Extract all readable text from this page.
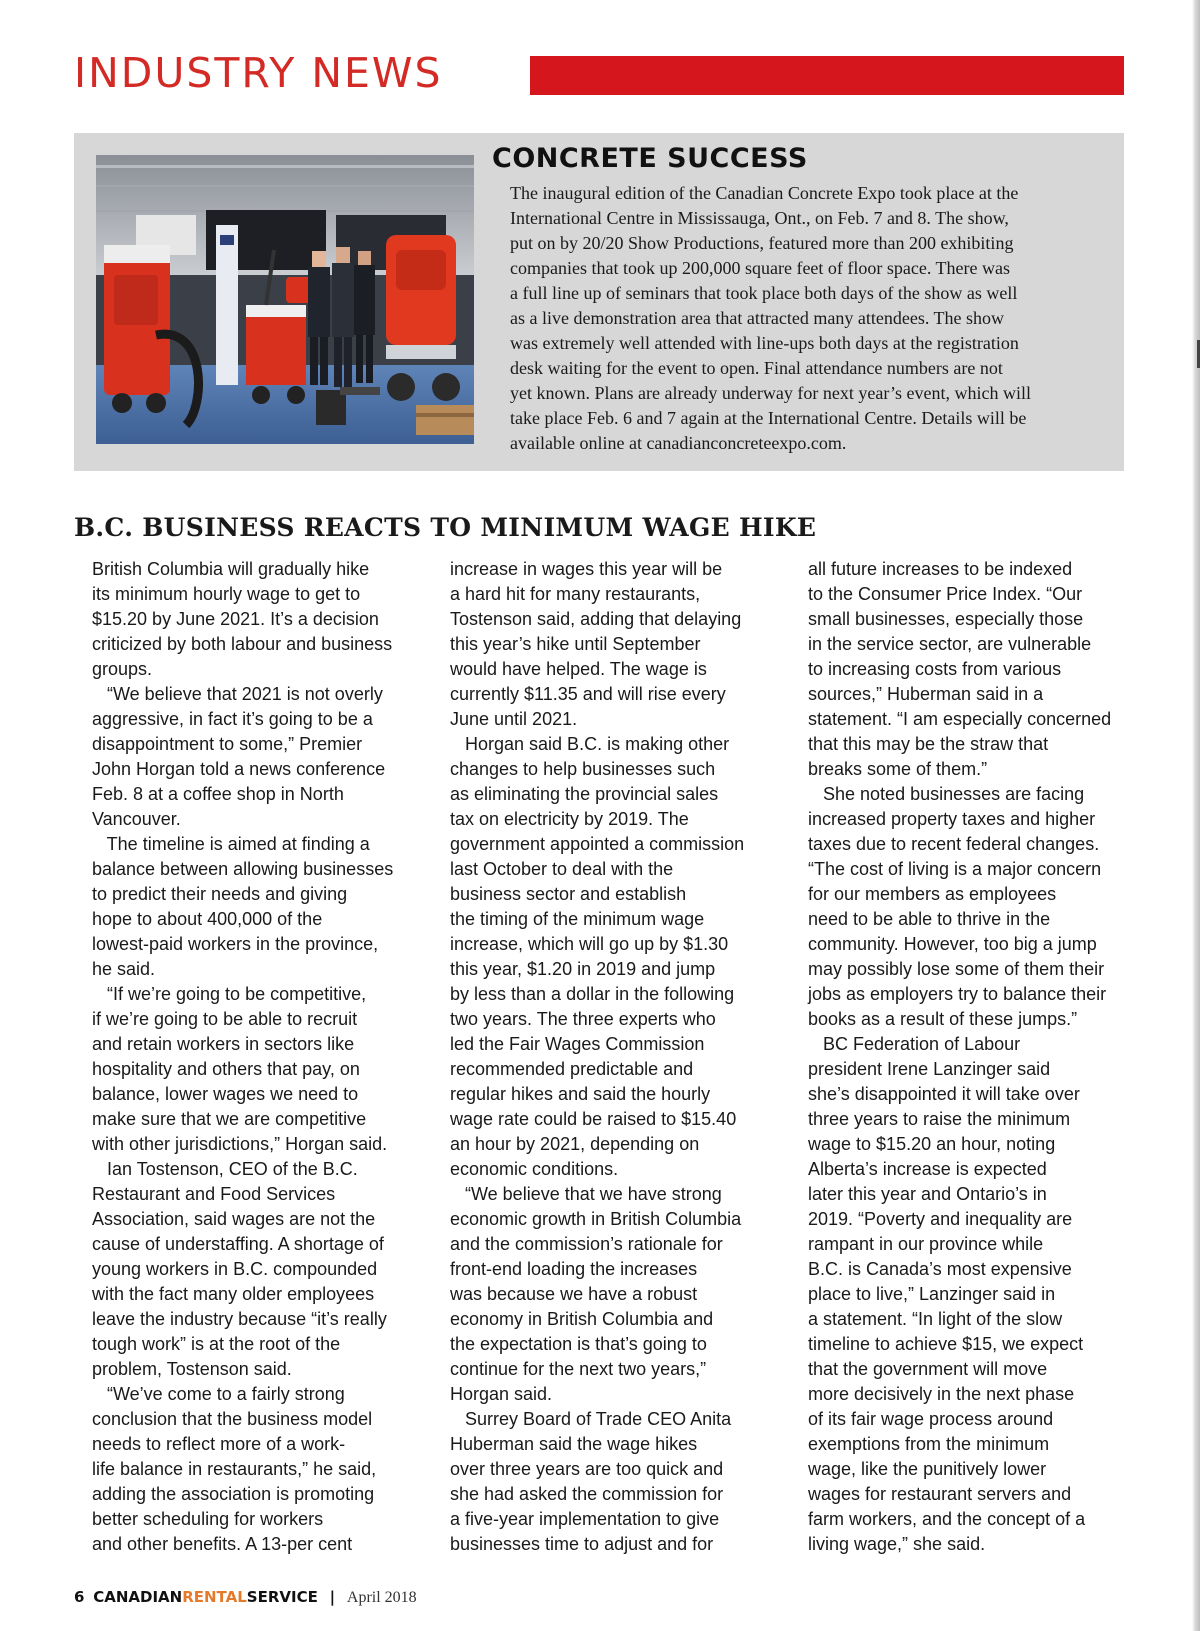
INDUSTRY NEWS
CONCRETE SUCCESS

The inaugural edition of the Canadian Concrete Expo took place at the
International Centre in Mississauga, Ont., on Feb. 7 and 8. The show,
put on by 20/20 Show Productions, featured more than 200 exhibiting
companies that took up 200,000 square feet of floor space. There was
a full line up of seminars that took place both days of the show as well
as a live demonstration area that attracted many attendees. The show
was extremely well attended with line-ups both days at the registration
desk waiting for the event to open. Final attendance numbers are not
yet known. Plans are already underway for next year’s event, which will
take place Feb. 6 and 7 again at the International Centre. Details will be
available online at canadianconcreteexpo.com.

B.C. BUSINESS REACTS TO MINIMUM WAGE HIKE
British Columbia will gradually hike
its minimum hourly wage to get to
$15.20 by June 2021. It’s a decision
criticized by both labour and business
groups.
“We believe that 2021 is not overly
aggressive, in fact it’s going to be a
disappointment to some,” Premier
John Horgan told a news conference
Feb. 8 at a coffee shop in North
Vancouver.
The timeline is aimed at finding a
balance between allowing businesses
to predict their needs and giving
hope to about 400,000 of the
lowest-paid workers in the province,
he said.
“If we’re going to be competitive,
if we’re going to be able to recruit
and retain workers in sectors like
hospitality and others that pay, on
balance, lower wages we need to
make sure that we are competitive
with other jurisdictions,” Horgan said.
Ian Tostenson, CEO of the B.C.
Restaurant and Food Services
Association, said wages are not the
cause of understaffing. A shortage of
young workers in B.C. compounded
with the fact many older employees
leave the industry because “it’s really
tough work” is at the root of the
problem, Tostenson said.
“We’ve come to a fairly strong
conclusion that the business model
needs to reflect more of a work-
life balance in restaurants,” he said,
adding the association is promoting
better scheduling for workers
and other benefits. A 13-per cent
increase in wages this year will be
a hard hit for many restaurants,
Tostenson said, adding that delaying
this year’s hike until September
would have helped. The wage is
currently $11.35 and will rise every
June until 2021.
Horgan said B.C. is making other
changes to help businesses such
as eliminating the provincial sales
tax on electricity by 2019. The
government appointed a commission
last October to deal with the
business sector and establish
the timing of the minimum wage
increase, which will go up by $1.30
this year, $1.20 in 2019 and jump
by less than a dollar in the following
two years. The three experts who
led the Fair Wages Commission
recommended predictable and
regular hikes and said the hourly
wage rate could be raised to $15.40
an hour by 2021, depending on
economic conditions.
“We believe that we have strong
economic growth in British Columbia
and the commission’s rationale for
front-end loading the increases
was because we have a robust
economy in British Columbia and
the expectation is that’s going to
continue for the next two years,”
Horgan said.
Surrey Board of Trade CEO Anita
Huberman said the wage hikes
over three years are too quick and
she had asked the commission for
a five-year implementation to give
businesses time to adjust and for
all future increases to be indexed
to the Consumer Price Index. “Our
small businesses, especially those
in the service sector, are vulnerable
to increasing costs from various
sources,” Huberman said in a
statement. “I am especially concerned
that this may be the straw that
breaks some of them.”
She noted businesses are facing
increased property taxes and higher
taxes due to recent federal changes.
“The cost of living is a major concern
for our members as employees
need to be able to thrive in the
community. However, too big a jump
may possibly lose some of them their
jobs as employers try to balance their
books as a result of these jumps.”
BC Federation of Labour
president Irene Lanzinger said
she’s disappointed it will take over
three years to raise the minimum
wage to $15.20 an hour, noting
Alberta’s increase is expected
later this year and Ontario’s in
2019. “Poverty and inequality are
rampant in our province while
B.C. is Canada’s most expensive
place to live,” Lanzinger said in
a statement. “In light of the slow
timeline to achieve $15, we expect
that the government will move
more decisively in the next phase
of its fair wage process around
exemptions from the minimum
wage, like the punitively lower
wages for restaurant servers and
farm workers, and the concept of a
living wage,” she said.
6 CANADIANRENTALSERVICE | April 2018
